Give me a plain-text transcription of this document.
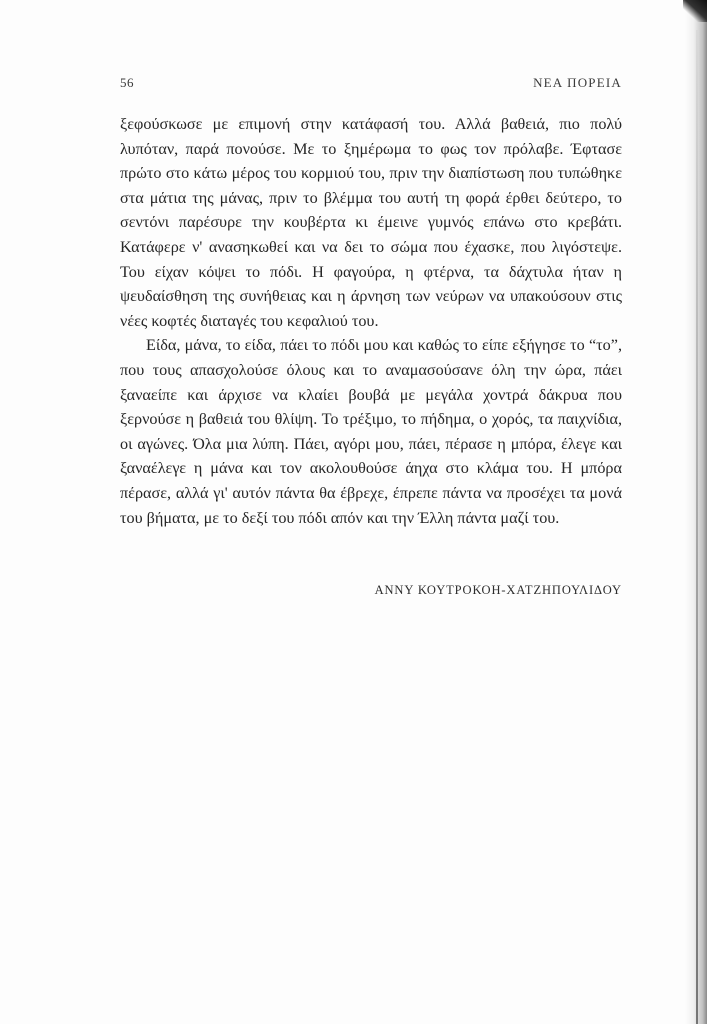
56	ΝΕΑ ΠΟΡΕΙΑ

ξεφούσκωσε με επιμονή στην κατάφασή του. Αλλά βαθειά, πιο πολύ λυπόταν, παρά πονούσε. Με το ξημέρωμα το φως τον πρόλαβε. Έφτασε πρώτο στο κάτω μέρος του κορμιού του, πριν την διαπίστωση που τυπώθηκε στα μάτια της μάνας, πριν το βλέμμα του αυτή τη φορά έρθει δεύτερο, το σεντόνι παρέσυρε την κουβέρτα κι έμεινε γυμνός επάνω στο κρεβάτι. Κατάφερε ν' ανασηκωθεί και να δει το σώμα που έχασκε, που λιγόστεψε. Του είχαν κόψει το πόδι. Η φαγούρα, η φτέρνα, τα δάχτυλα ήταν η ψευδαίσθηση της συνήθειας και η άρνηση των νεύρων να υπακούσουν στις νέες κοφτές διαταγές του κεφαλιού του.

Είδα, μάνα, το είδα, πάει το πόδι μου και καθώς το είπε εξήγησε το “το”, που τους απασχολούσε όλους και το αναμασούσανε όλη την ώρα, πάει ξαναείπε και άρχισε να κλαίει βουβά με μεγάλα χοντρά δάκρυα που ξερνούσε η βαθειά του θλίψη. Το τρέξιμο, το πήδημα, ο χορός, τα παιχνίδια, οι αγώνες. Όλα μια λύπη. Πάει, αγόρι μου, πάει, πέρασε η μπόρα, έλεγε και ξαναέλεγε η μάνα και τον ακολουθούσε άηχα στο κλάμα του. Η μπόρα πέρασε, αλλά γι' αυτόν πάντα θα έβρεχε, έπρεπε πάντα να προσέχει τα μονά του βήματα, με το δεξί του πόδι απόν και την Έλλη πάντα μαζί του.

ΑΝΝΥ ΚΟΥΤΡΟΚΟΗ-ΧΑΤΖΗΠΟΥΛΙΔΟΥ
